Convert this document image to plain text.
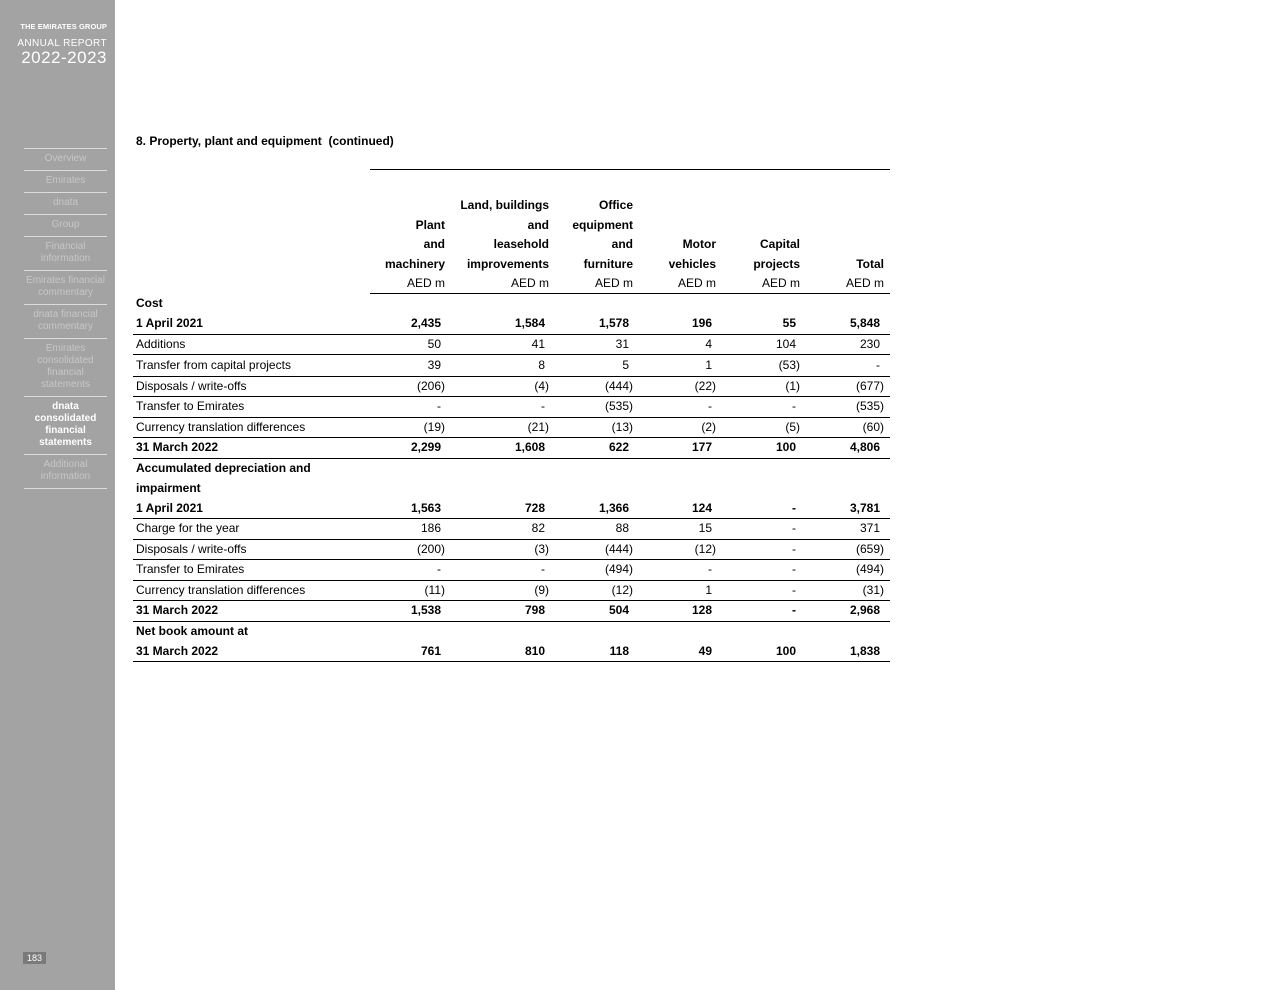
THE EMIRATES GROUP
ANNUAL REPORT
2022-2023
Overview
Emirates
dnata
Group
Financial information
Emirates financial commentary
dnata financial commentary
Emirates consolidated financial statements
dnata consolidated financial statements
Additional information
183
8. Property, plant and equipment  (continued)
		Land, buildings	Office			
	Plant	and	equipment			
	and	leasehold	and	Motor	Capital	
	machinery	improvements	furniture	vehicles	projects	Total
	AED m	AED m	AED m	AED m	AED m	AED m
Cost						
1 April 2021	2,435	1,584	1,578	196	55	5,848
Additions	50	41	31	4	104	230
Transfer from capital projects	39	8	5	1	(53)	-
Disposals / write-offs	(206)	(4)	(444)	(22)	(1)	(677)
Transfer to Emirates	-	-	(535)	-	-	(535)
Currency translation differences	(19)	(21)	(13)	(2)	(5)	(60)
31 March 2022	2,299	1,608	622	177	100	4,806
Accumulated depreciation and						
impairment						
1 April 2021	1,563	728	1,366	124	-	3,781
Charge for the year	186	82	88	15	-	371
Disposals / write-offs	(200)	(3)	(444)	(12)	-	(659)
Transfer to Emirates	-	-	(494)	-	-	(494)
Currency translation differences	(11)	(9)	(12)	1	-	(31)
31 March 2022	1,538	798	504	128	-	2,968
Net book amount at						
31 March 2022	761	810	118	49	100	1,838
